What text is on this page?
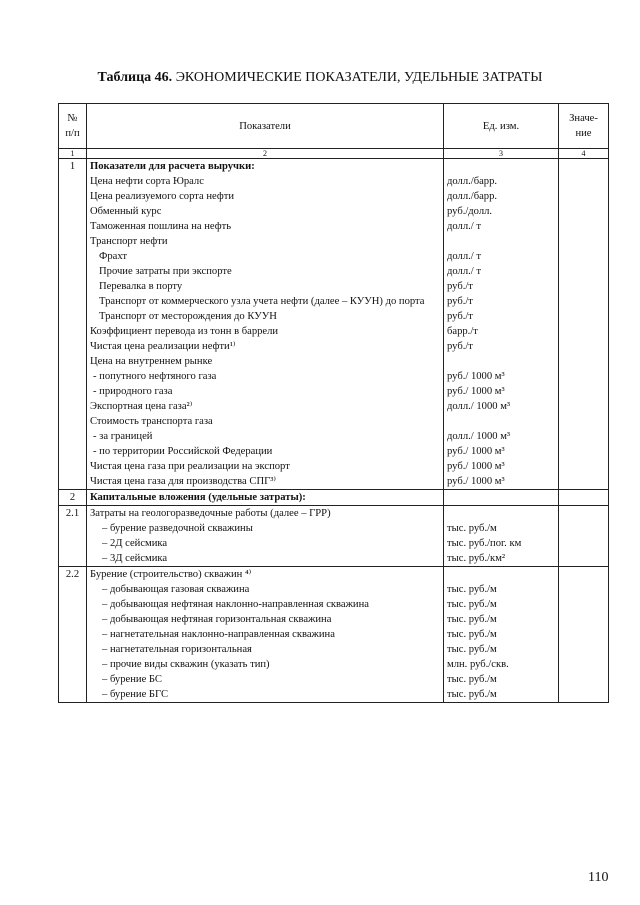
Таблица 46. ЭКОНОМИЧЕСКИЕ ПОКАЗАТЕЛИ, УДЕЛЬНЫЕ ЗАТРАТЫ
№ п/п	Показатели	Ед. изм.	Значе-ние
1	2	3	4
1	Показатели для расчета выручки:		
	Цена нефти сорта Юралс	долл./барр.	
	Цена реализуемого сорта нефти	долл./барр.	
	Обменный курс	руб./долл.	
	Таможенная пошлина на нефть	долл./ т	
	Транспорт нефти		
	Фрахт	долл./ т	
	Прочие затраты при экспорте	долл./ т	
	Перевалка в порту	руб./т	
	Транспорт от коммерческого узла учета нефти (далее – КУУН) до порта	руб./т	
	Транспорт от месторождения до КУУН	руб./т	
	Коэффициент перевода из тонн в баррели	барр./т	
	Чистая цена реализации нефти¹⁾	руб./т	
	Цена на внутреннем рынке		
	- попутного нефтяного газа	руб./ 1000 м³	
	- природного газа	руб./ 1000 м³	
	Экспортная цена газа²⁾	долл./ 1000 м³	
	Стоимость транспорта газа		
	- за границей	долл./ 1000 м³	
	- по территории Российской Федерации	руб./ 1000 м³	
	Чистая цена газа при реализации на экспорт	руб./ 1000 м³	
	Чистая цена газа для производства СПГ³⁾	руб./ 1000 м³	
2	Капитальные вложения (удельные затраты):		
2.1	Затраты на геологоразведочные работы (далее – ГРР)		
	– бурение разведочной скважины	тыс. руб./м	
	– 2Д сейсмика	тыс. руб./пог. км	
	– 3Д сейсмика	тыс. руб./км²	
2.2	Бурение (строительство) скважин ⁴⁾		
	– добывающая газовая скважина	тыс. руб./м	
	– добывающая нефтяная наклонно-направленная скважина	тыс. руб./м	
	– добывающая нефтяная горизонтальная скважина	тыс. руб./м	
	– нагнетательная наклонно-направленная скважина	тыс. руб./м	
	– нагнетательная горизонтальная	тыс. руб./м	
	– прочие виды скважин (указать тип)	млн. руб./скв.	
	– бурение БС	тыс. руб./м	
	– бурение БГС	тыс. руб./м	
110
